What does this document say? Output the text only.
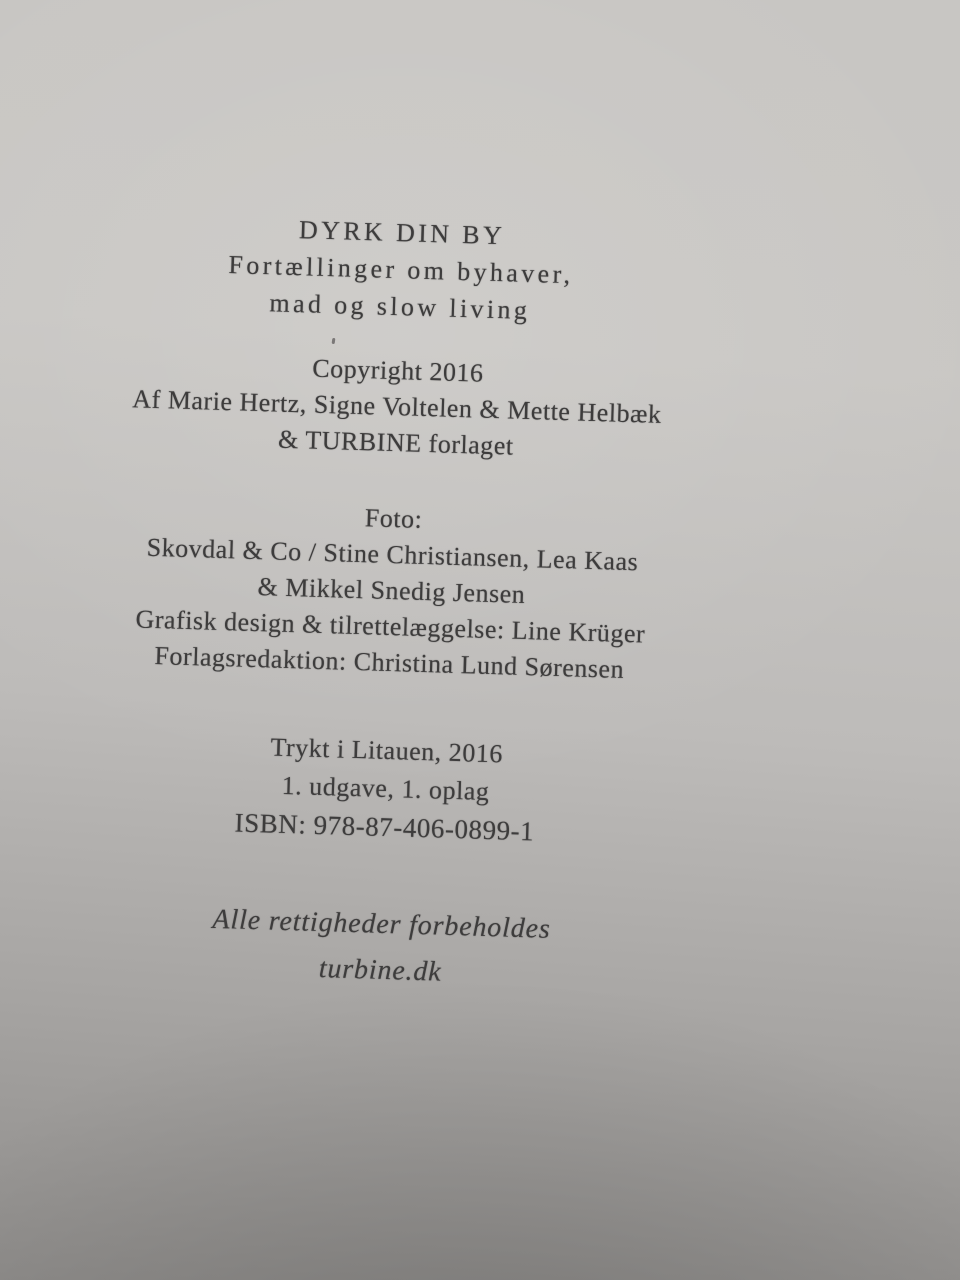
DYRK DIN BY

Fortællinger om byhaver,

mad og slow living

Copyright 2016

Af Marie Hertz, Signe Voltelen & Mette Helbæk

& TURBINE forlaget

Foto:

Skovdal & Co / Stine Christiansen, Lea Kaas

& Mikkel Snedig Jensen

Grafisk design & tilrettelæggelse: Line Krüger

Forlagsredaktion: Christina Lund Sørensen

Trykt i Litauen, 2016

1. udgave, 1. oplag

ISBN: 978-87-406-0899-1

Alle rettigheder forbeholdes

turbine.dk
